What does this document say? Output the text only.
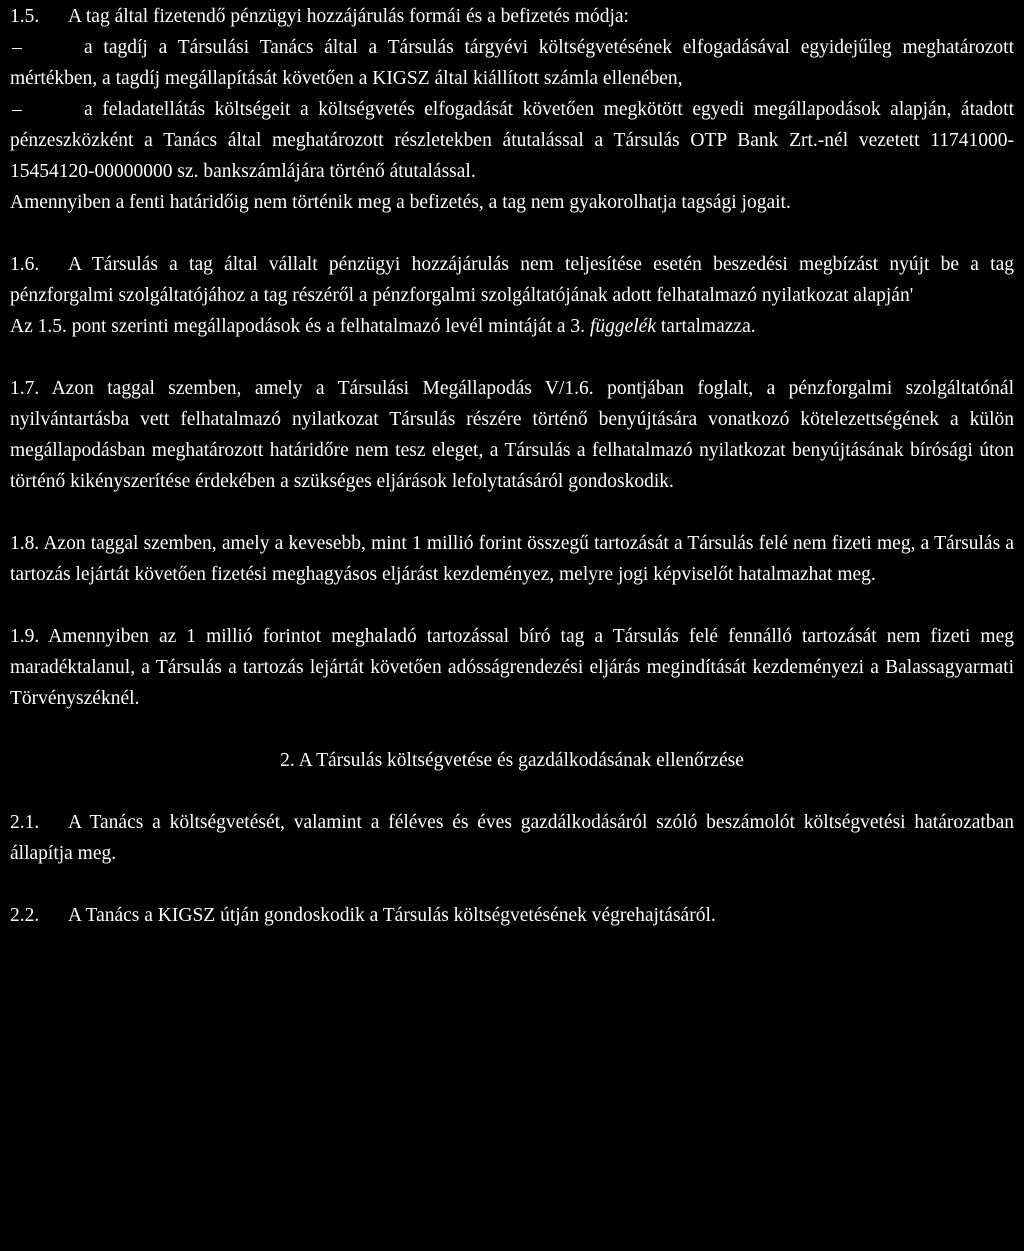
1.5. A tag által fizetendő pénzügyi hozzájárulás formái és a befizetés módja:

–	a tagdíj a Társulási Tanács által a Társulás tárgyévi költségvetésének elfogadásával egyidejűleg meghatározott mértékben, a tagdíj megállapítását követően a KIGSZ által kiállított számla ellenében,

–	a feladatellátás költségeit a költségvetés elfogadását követően megkötött egyedi megállapodások alapján, átadott pénzeszközként a Tanács által meghatározott részletekben átutalással a Társulás OTP Bank Zrt.-nél vezetett 11741000-15454120-00000000 sz. bankszámlájára történő átutalással.

Amennyiben a fenti határidőig nem történik meg a befizetés, a tag nem gyakorolhatja tagsági jogait.

1.6. A Társulás a tag által vállalt pénzügyi hozzájárulás nem teljesítése esetén beszedési megbízást nyújt be a tag pénzforgalmi szolgáltatójához a tag részéről a pénzforgalmi szolgáltatójának adott felhatalmazó nyilatkozat alapján'

Az 1.5. pont szerinti megállapodások és a felhatalmazó levél mintáját a 3. függelék tartalmazza.

1.7. Azon taggal szemben, amely a Társulási Megállapodás V/1.6. pontjában foglalt, a pénzforgalmi szolgáltatónál nyilvántartásba vett felhatalmazó nyilatkozat Társulás részére történő benyújtására vonatkozó kötelezettségének a külön megállapodásban meghatározott határidőre nem tesz eleget, a Társulás a felhatalmazó nyilatkozat benyújtásának bírósági úton történő kikényszerítése érdekében a szükséges eljárások lefolytatásáról gondoskodik.

1.8. Azon taggal szemben, amely a kevesebb, mint 1 millió forint összegű tartozását a Társulás felé nem fizeti meg, a Társulás a tartozás lejártát követően fizetési meghagyásos eljárást kezdeményez, melyre jogi képviselőt hatalmazhat meg.

1.9. Amennyiben az 1 millió forintot meghaladó tartozással bíró tag a Társulás felé fennálló tartozását nem fizeti meg maradéktalanul, a Társulás a tartozás lejártát követően adósságrendezési eljárás megindítását kezdeményezi a Balassagyarmati Törvényszéknél.

2. A Társulás költségvetése és gazdálkodásának ellenőrzése

2.1. A Tanács a költségvetését, valamint a féléves és éves gazdálkodásáról szóló beszámolót költségvetési határozatban állapítja meg.

2.2. A Tanács a KIGSZ útján gondoskodik a Társulás költségvetésének végrehajtásáról.
